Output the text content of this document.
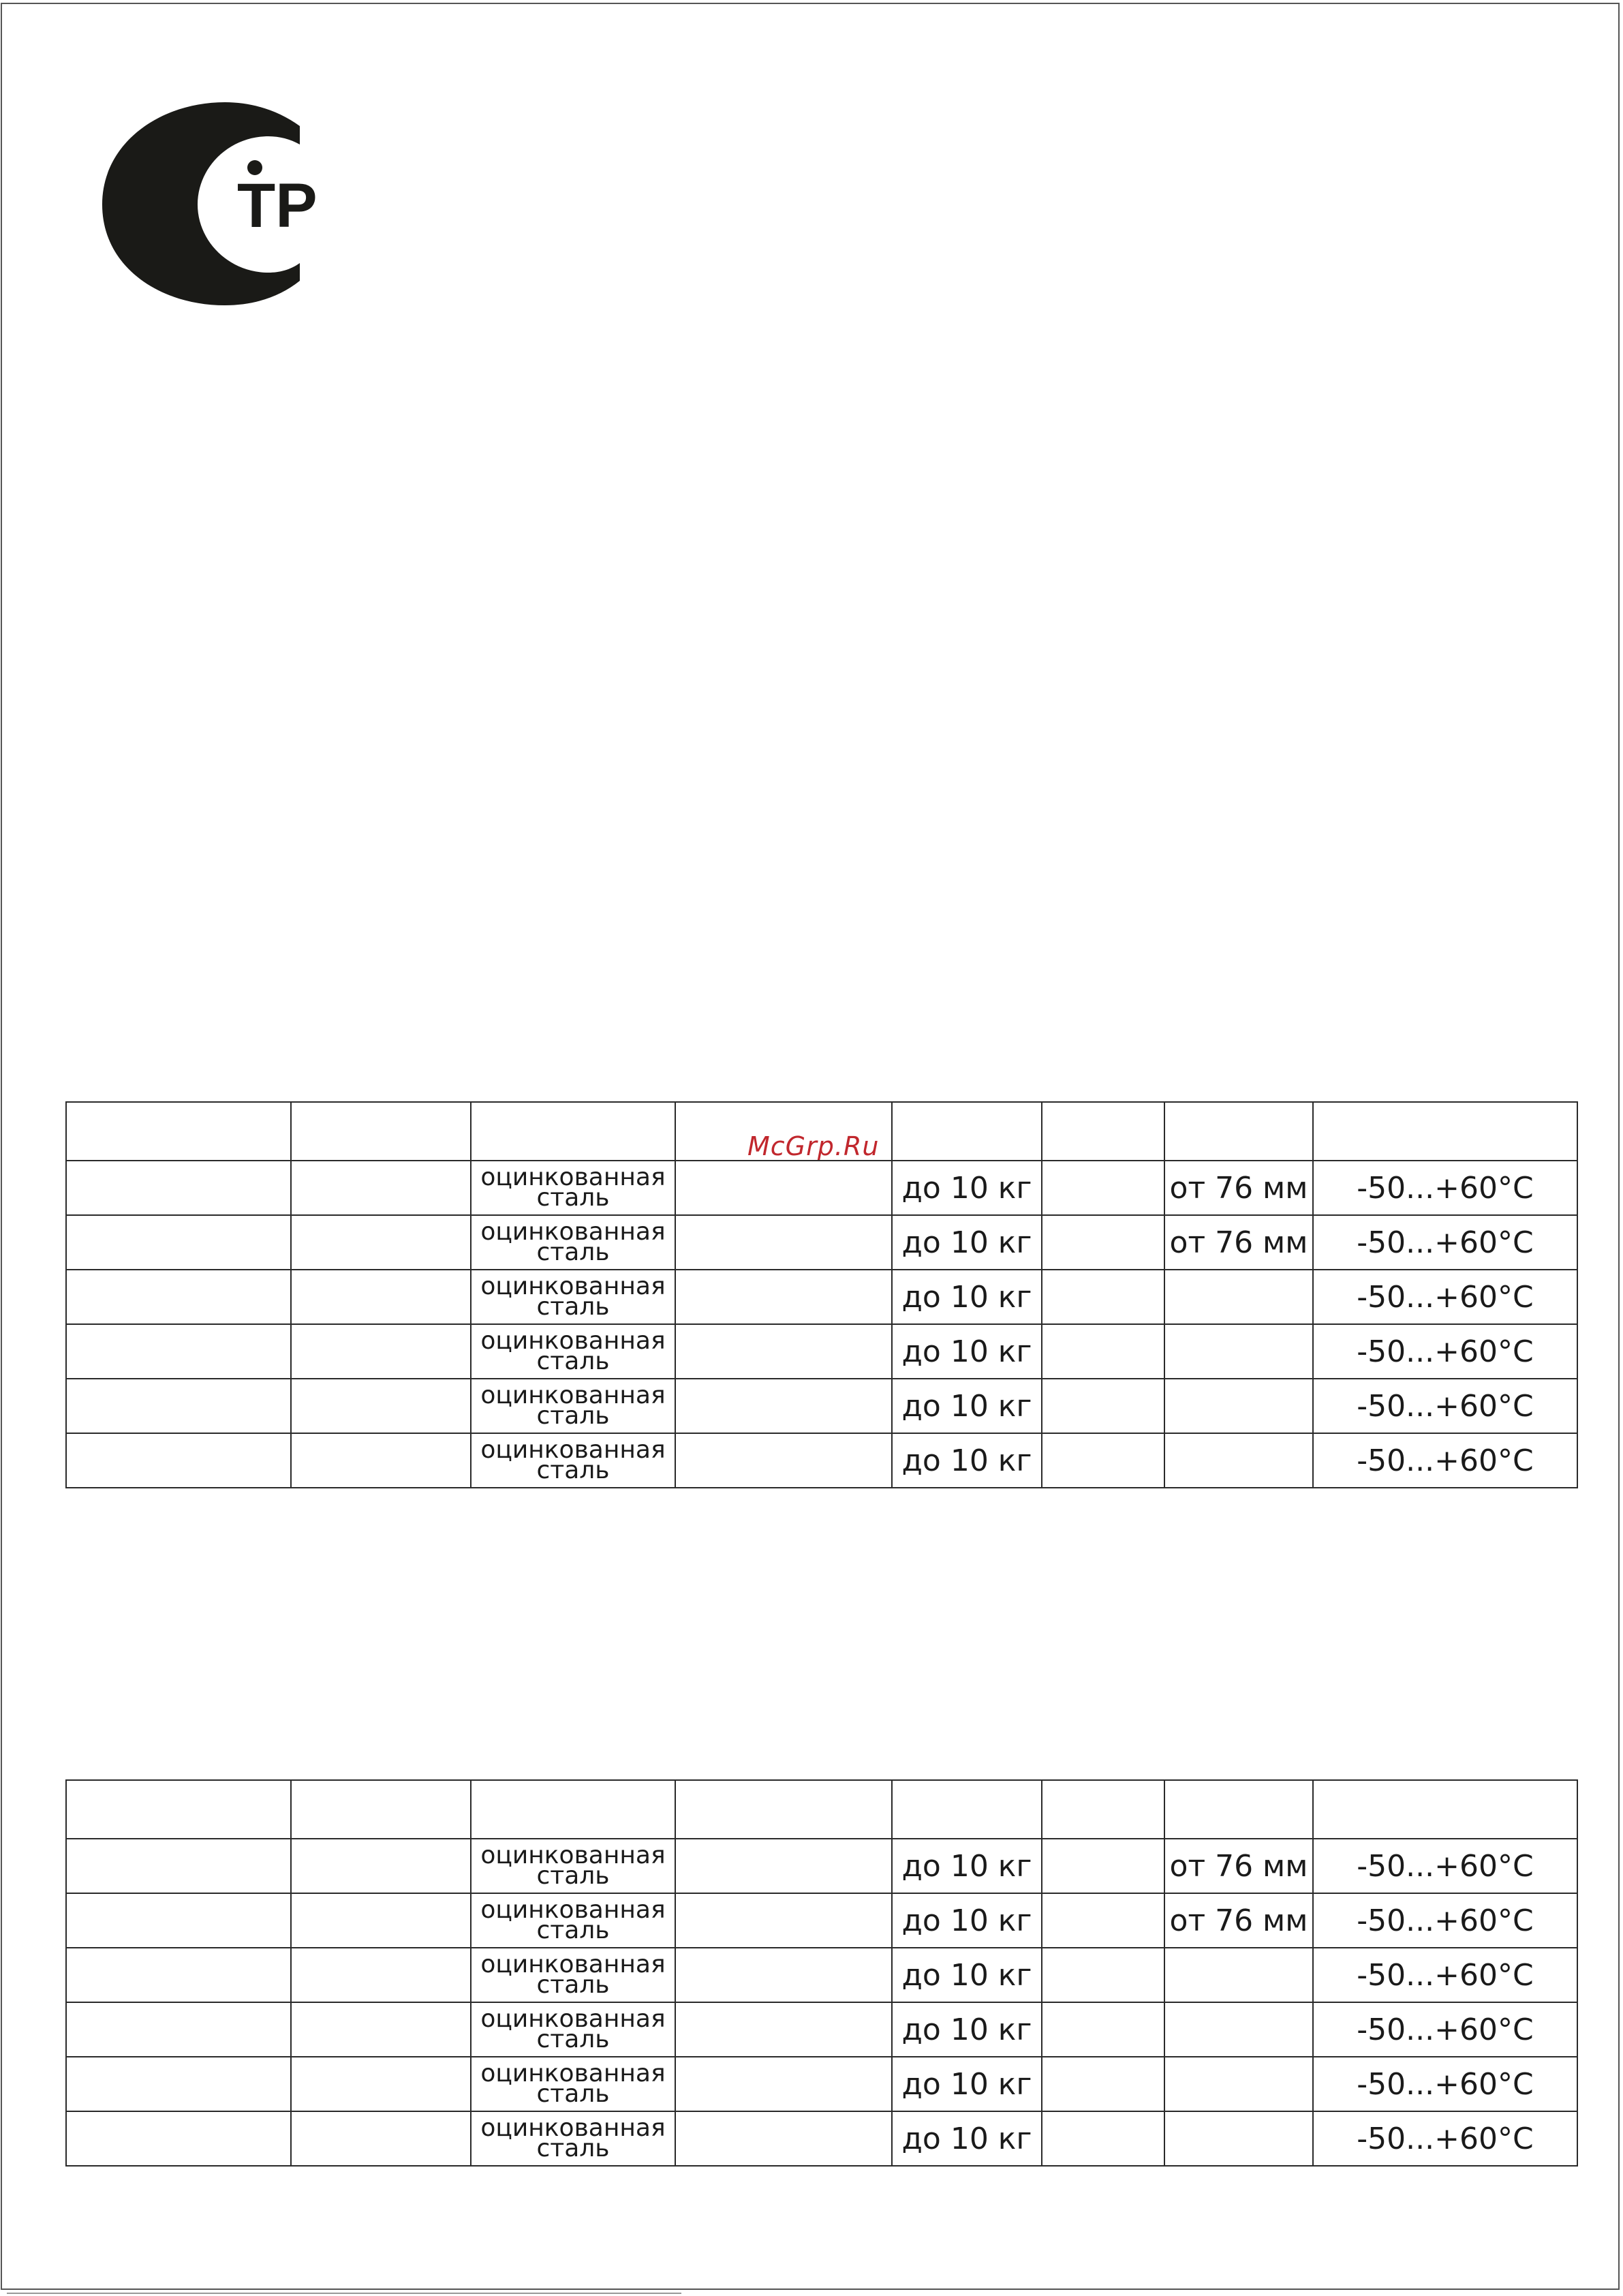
ТР
McGrp.Ru

		оцинкованная
сталь		до 10 кг		от 76 мм	-50...+60°C

		оцинкованная
сталь		до 10 кг		от 76 мм	-50...+60°C

		оцинкованная
сталь		до 10 кг			-50...+60°C

		оцинкованная
сталь		до 10 кг			-50...+60°C

		оцинкованная
сталь		до 10 кг			-50...+60°C

		оцинкованная
сталь		до 10 кг			-50...+60°C

		оцинкованная
сталь		до 10 кг		от 76 мм	-50...+60°C

		оцинкованная
сталь		до 10 кг		от 76 мм	-50...+60°C

		оцинкованная
сталь		до 10 кг			-50...+60°C

		оцинкованная
сталь		до 10 кг			-50...+60°C

		оцинкованная
сталь		до 10 кг			-50...+60°C

		оцинкованная
сталь		до 10 кг			-50...+60°C
